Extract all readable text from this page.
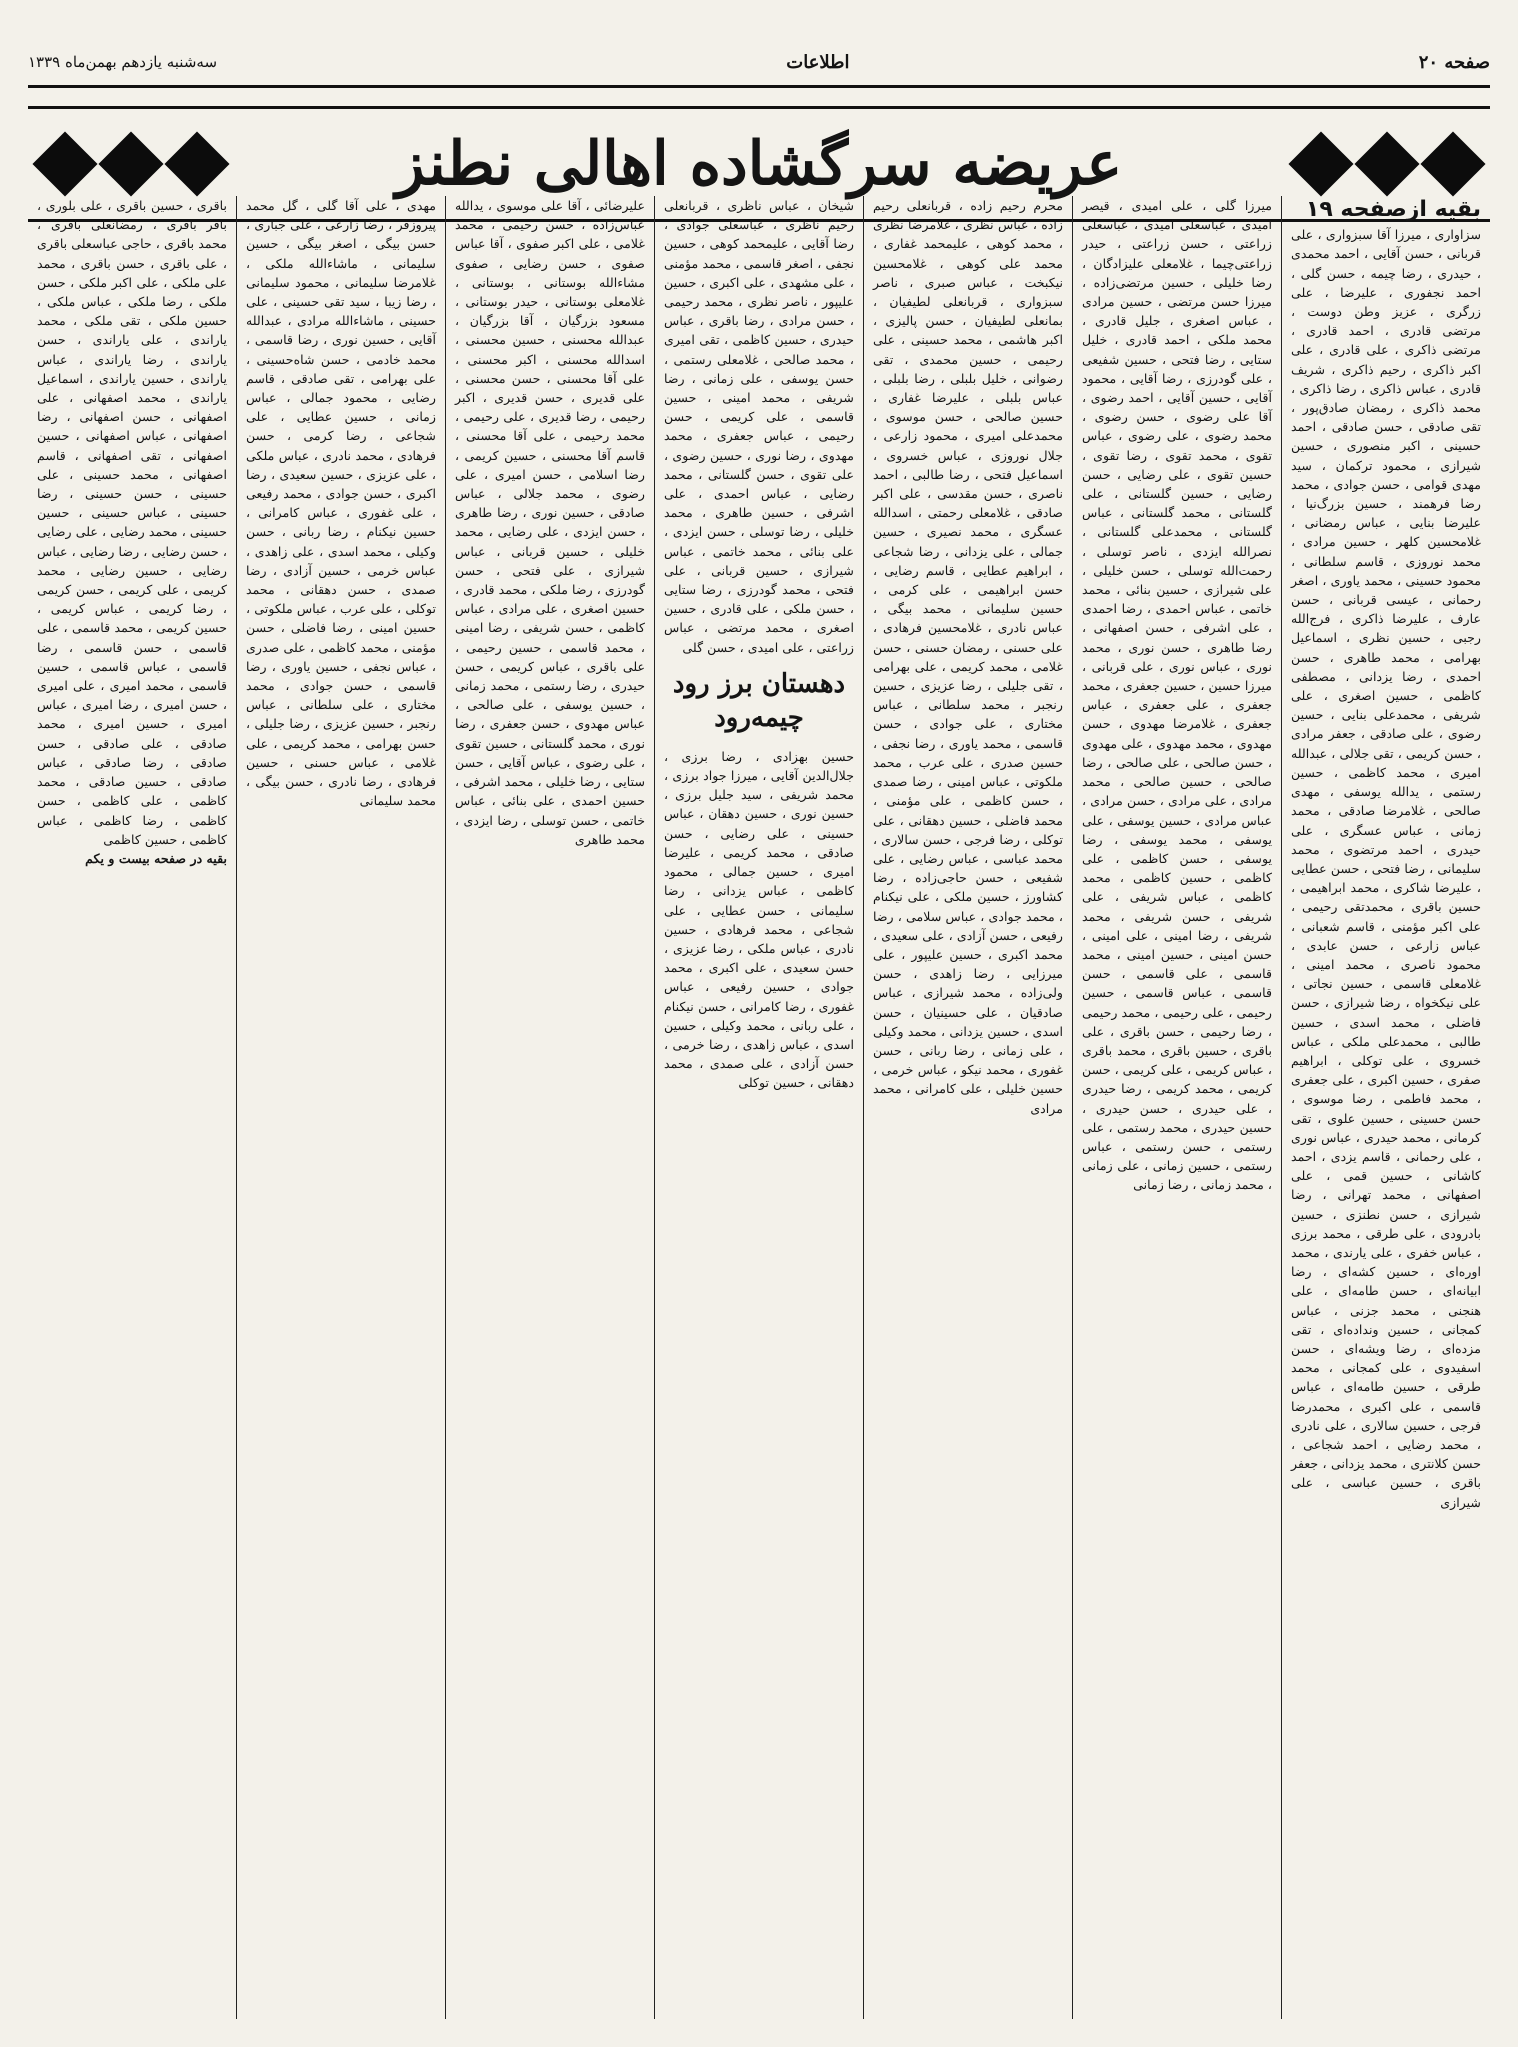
صفحه ۲۰
اطلاعات
سه‌شنبه یازدهم بهمن‌ماه ۱۳۳۹
عریضه سرگشاده اهالی نطنز
بقیه ازصفحه ۱۹
سزاواری ، میرزا آقا سبزواری ، علی قربانی ، حسن آقایی ، احمد محمدی ، حیدری ، رضا چیمه ، حسن گلی ، احمد نجفوری ، علیرضا ، علی زرگری ، عزیز وطن دوست ، مرتضی قادری ، احمد قادری ، مرتضی ذاکری ، علی قادری ، علی اکبر ذاکری ، رحیم ذاکری ، شریف قادری ، عباس ذاکری ، رضا ذاکری ، محمد ذاکری ، رمضان صادق‌پور ، تقی صادقی ، حسن صادقی ، احمد حسینی ، اکبر منصوری ، حسین شیرازی ، محمود ترکمان ، سید مهدی قوامی ، حسن جوادی ، محمد رضا فرهمند ، حسین بزرگ‌نیا ، علیرضا بنایی ، عباس رمضانی ، غلامحسین کلهر ، حسین مرادی ، محمد نوروزی ، قاسم سلطانی ، محمود حسینی ، محمد یاوری ، اصغر رحمانی ، عیسی قربانی ، حسن عارف ، علیرضا ذاکری ، فرج‌الله رجبی ، حسین نظری ، اسماعیل بهرامی ، محمد طاهری ، حسن احمدی ، رضا یزدانی ، مصطفی کاظمی ، حسین اصغری ، علی شریفی ، محمدعلی بنایی ، حسین رضوی ، علی صادقی ، جعفر مرادی ، حسن کریمی ، تقی جلالی ، عبدالله امیری ، محمد کاظمی ، حسین رستمی ، یدالله یوسفی ، مهدی صالحی ، غلامرضا صادقی ، محمد زمانی ، عباس عسگری ، علی حیدری ، احمد مرتضوی ، محمد سلیمانی ، رضا فتحی ، حسن عطایی ، علیرضا شاکری ، محمد ابراهیمی ، حسین باقری ، محمدتقی رحیمی ، علی اکبر مؤمنی ، قاسم شعبانی ، عباس زارعی ، حسن عابدی ، محمود ناصری ، محمد امینی ، غلامعلی قاسمی ، حسین نجاتی ، علی نیکخواه ، رضا شیرازی ، حسن فاضلی ، محمد اسدی ، حسین طالبی ، محمدعلی ملکی ، عباس خسروی ، علی توکلی ، ابراهیم صفری ، حسین اکبری ، علی جعفری ، محمد فاطمی ، رضا موسوی ، حسن حسینی ، حسین علوی ، تقی کرمانی ، محمد حیدری ، عباس نوری ، علی رحمانی ، قاسم یزدی ، احمد کاشانی ، حسین قمی ، علی اصفهانی ، محمد تهرانی ، رضا شیرازی ، حسن نطنزی ، حسین بادرودی ، علی طرقی ، محمد برزی ، عباس خفری ، علی یارندی ، محمد اوره‌ای ، حسین کشه‌ای ، رضا ابیانه‌ای ، حسن طامه‌ای ، علی هنجنی ، محمد جزنی ، عباس کمجانی ، حسین ونداده‌ای ، تقی مزده‌ای ، رضا ویشه‌ای ، حسن اسفیدوی ، علی کمجانی ، محمد طرقی ، حسین طامه‌ای ، عباس قاسمی ، علی اکبری ، محمدرضا فرجی ، حسین سالاری ، علی نادری ، محمد رضایی ، احمد شجاعی ، حسن کلانتری ، محمد یزدانی ، جعفر باقری ، حسین عباسی ، علی شیرازی
میرزا گلی ، علی امیدی ، قیصر امیدی ، عباسعلی امیدی ، عباسعلی زراعتی ، حسن زراعتی ، حیدر زراعتی‌چیما ، غلامعلی علیزادگان ، رضا خلیلی ، حسین مرتضی‌زاده ، میرزا حسن مرتضی ، حسین مرادی ، عباس اصغری ، جلیل قادری ، محمد ملکی ، احمد قادری ، خلیل ستایی ، رضا فتحی ، حسین شفیعی ، علی گودرزی ، رضا آقایی ، محمود آقایی ، حسین آقایی ، احمد رضوی ، آقا علی رضوی ، حسن رضوی ، محمد رضوی ، علی رضوی ، عباس تقوی ، محمد تقوی ، رضا تقوی ، حسین تقوی ، علی رضایی ، حسن رضایی ، حسین گلستانی ، علی گلستانی ، محمد گلستانی ، عباس گلستانی ، محمدعلی گلستانی ، نصرالله ایزدی ، ناصر توسلی ، رحمت‌الله توسلی ، حسن خلیلی ، علی شیرازی ، حسین بنائی ، محمد خاتمی ، عباس احمدی ، رضا احمدی ، علی اشرفی ، حسن اصفهانی ، رضا طاهری ، حسن نوری ، محمد نوری ، عباس نوری ، علی قربانی ، میرزا حسین ، حسین جعفری ، محمد جعفری ، علی جعفری ، عباس جعفری ، غلامرضا مهدوی ، حسن مهدوی ، محمد مهدوی ، علی مهدوی ، حسن صالحی ، علی صالحی ، رضا صالحی ، حسین صالحی ، محمد مرادی ، علی مرادی ، حسن مرادی ، عباس مرادی ، حسین یوسفی ، علی یوسفی ، محمد یوسفی ، رضا یوسفی ، حسن کاظمی ، علی کاظمی ، حسین کاظمی ، محمد کاظمی ، عباس شریفی ، علی شریفی ، حسن شریفی ، محمد شریفی ، رضا امینی ، علی امینی ، حسن امینی ، حسین امینی ، محمد قاسمی ، علی قاسمی ، حسن قاسمی ، عباس قاسمی ، حسین رحیمی ، علی رحیمی ، محمد رحیمی ، رضا رحیمی ، حسن باقری ، علی باقری ، حسین باقری ، محمد باقری ، عباس کریمی ، علی کریمی ، حسن کریمی ، محمد کریمی ، رضا حیدری ، علی حیدری ، حسن حیدری ، حسین حیدری ، محمد رستمی ، علی رستمی ، حسن رستمی ، عباس رستمی ، حسین زمانی ، علی زمانی ، محمد زمانی ، رضا زمانی
محرم رحیم زاده ، قربانعلی رحیم زاده ، عباس نظری ، غلامرضا نظری ، محمد کوهی ، علیمحمد غفاری ، محمد علی کوهی ، غلامحسین نیکبخت ، عباس صبری ، ناصر سبزواری ، قربانعلی لطیفیان ، بمانعلی لطیفیان ، حسن پالیزی ، اکبر هاشمی ، محمد حسینی ، علی رحیمی ، حسین محمدی ، تقی رضوانی ، خلیل بلبلی ، رضا بلبلی ، عباس بلبلی ، علیرضا غفاری ، حسین صالحی ، حسن موسوی ، محمدعلی امیری ، محمود زارعی ، جلال نوروزی ، عباس خسروی ، اسماعیل فتحی ، رضا طالبی ، احمد ناصری ، حسن مقدسی ، علی اکبر صادقی ، غلامعلی رحمتی ، اسدالله عسگری ، محمد نصیری ، حسین جمالی ، علی یزدانی ، رضا شجاعی ، ابراهیم عطایی ، قاسم رضایی ، حسن ابراهیمی ، علی کرمی ، حسین سلیمانی ، محمد بیگی ، عباس نادری ، غلامحسین فرهادی ، علی حسنی ، رمضان حسنی ، حسن غلامی ، محمد کریمی ، علی بهرامی ، تقی جلیلی ، رضا عزیزی ، حسین رنجبر ، محمد سلطانی ، عباس مختاری ، علی جوادی ، حسن قاسمی ، محمد یاوری ، رضا نجفی ، حسین صدری ، علی عرب ، محمد ملکوتی ، عباس امینی ، رضا صمدی ، حسن کاظمی ، علی مؤمنی ، محمد فاضلی ، حسین دهقانی ، علی توکلی ، رضا فرجی ، حسن سالاری ، محمد عباسی ، عباس رضایی ، علی شفیعی ، حسن حاجی‌زاده ، رضا کشاورز ، حسین ملکی ، علی نیکنام ، محمد جوادی ، عباس سلامی ، رضا رفیعی ، حسن آزادی ، علی سعیدی ، محمد اکبری ، حسین علیپور ، علی میرزایی ، رضا زاهدی ، حسن ولی‌زاده ، محمد شیرازی ، عباس صادقیان ، علی حسینیان ، حسن اسدی ، حسین یزدانی ، محمد وکیلی ، علی زمانی ، رضا ربانی ، حسن غفوری ، محمد نیکو ، عباس خرمی ، حسین خلیلی ، علی کامرانی ، محمد مرادی
شیخان ، عباس ناظری ، قربانعلی رحیم ناظری ، عباسعلی جوادی ، رضا آقایی ، علیمحمد کوهی ، حسین نجفی ، اصغر قاسمی ، محمد مؤمنی ، علی مشهدی ، علی اکبری ، حسین علیپور ، ناصر نظری ، محمد رحیمی ، حسن مرادی ، رضا باقری ، عباس حیدری ، حسین کاظمی ، تقی امیری ، محمد صالحی ، غلامعلی رستمی ، حسن یوسفی ، علی زمانی ، رضا شریفی ، محمد امینی ، حسین قاسمی ، علی کریمی ، حسن رحیمی ، عباس جعفری ، محمد مهدوی ، رضا نوری ، حسین رضوی ، علی تقوی ، حسن گلستانی ، محمد رضایی ، عباس احمدی ، علی اشرفی ، حسین طاهری ، محمد خلیلی ، رضا توسلی ، حسن ایزدی ، علی بنائی ، محمد خاتمی ، عباس شیرازی ، حسین قربانی ، علی فتحی ، محمد گودرزی ، رضا ستایی ، حسن ملکی ، علی قادری ، حسین اصغری ، محمد مرتضی ، عباس زراعتی ، علی امیدی ، حسن گلی
دهستان برز رود چیمه‌رود
حسین بهزادی ، رضا برزی ، جلال‌الدین آقایی ، میرزا جواد برزی ، محمد شریفی ، سید جلیل برزی ، حسین نوری ، حسین دهقان ، عباس حسینی ، علی رضایی ، حسن صادقی ، محمد کریمی ، علیرضا امیری ، حسین جمالی ، محمود کاظمی ، عباس یزدانی ، رضا سلیمانی ، حسن عطایی ، علی شجاعی ، محمد فرهادی ، حسین نادری ، عباس ملکی ، رضا عزیزی ، حسن سعیدی ، علی اکبری ، محمد جوادی ، حسین رفیعی ، عباس غفوری ، رضا کامرانی ، حسن نیکنام ، علی ربانی ، محمد وکیلی ، حسین اسدی ، عباس زاهدی ، رضا خرمی ، حسن آزادی ، علی صمدی ، محمد دهقانی ، حسین توکلی
علیرضائی ، آقا علی موسوی ، یدالله عباس‌زاده ، حسن رحیمی ، محمد غلامی ، علی اکبر صفوی ، آقا عباس صفوی ، حسن رضایی ، صفوی مشاءالله بوستانی ، بوستانی ، غلامعلی بوستانی ، حیدر بوستانی ، مسعود بزرگیان ، آقا بزرگیان ، عبدالله محسنی ، حسین محسنی ، اسدالله محسنی ، اکبر محسنی ، علی آقا محسنی ، حسن محسنی ، علی قدیری ، حسن قدیری ، اکبر رحیمی ، رضا قدیری ، علی رحیمی ، محمد رحیمی ، علی آقا محسنی ، قاسم آقا محسنی ، حسین کریمی ، رضا اسلامی ، حسن امیری ، علی رضوی ، محمد جلالی ، عباس صادقی ، حسین نوری ، رضا طاهری ، حسن ایزدی ، علی رضایی ، محمد خلیلی ، حسین قربانی ، عباس شیرازی ، علی فتحی ، حسن گودرزی ، رضا ملکی ، محمد قادری ، حسین اصغری ، علی مرادی ، عباس کاظمی ، حسن شریفی ، رضا امینی ، محمد قاسمی ، حسین رحیمی ، علی باقری ، عباس کریمی ، حسن حیدری ، رضا رستمی ، محمد زمانی ، حسین یوسفی ، علی صالحی ، عباس مهدوی ، حسن جعفری ، رضا نوری ، محمد گلستانی ، حسین تقوی ، علی رضوی ، عباس آقایی ، حسن ستایی ، رضا خلیلی ، محمد اشرفی ، حسین احمدی ، علی بنائی ، عباس خاتمی ، حسن توسلی ، رضا ایزدی ، محمد طاهری
مهدی ، علی آقا گلی ، گل محمد پیروزفر ، رضا زارعی ، علی جباری ، حسن بیگی ، اصغر بیگی ، حسین سلیمانی ، ماشاءالله ملکی ، غلامرضا سلیمانی ، محمود سلیمانی ، رضا زیبا ، سید تقی حسینی ، علی حسینی ، ماشاءالله مرادی ، عبدالله آقایی ، حسین نوری ، رضا قاسمی ، محمد خادمی ، حسن شاه‌حسینی ، علی بهرامی ، تقی صادقی ، قاسم رضایی ، محمود جمالی ، عباس زمانی ، حسین عطایی ، علی شجاعی ، رضا کرمی ، حسن فرهادی ، محمد نادری ، عباس ملکی ، علی عزیزی ، حسین سعیدی ، رضا اکبری ، حسن جوادی ، محمد رفیعی ، علی غفوری ، عباس کامرانی ، حسین نیکنام ، رضا ربانی ، حسن وکیلی ، محمد اسدی ، علی زاهدی ، عباس خرمی ، حسین آزادی ، رضا صمدی ، حسن دهقانی ، محمد توکلی ، علی عرب ، عباس ملکوتی ، حسین امینی ، رضا فاضلی ، حسن مؤمنی ، محمد کاظمی ، علی صدری ، عباس نجفی ، حسین یاوری ، رضا قاسمی ، حسن جوادی ، محمد مختاری ، علی سلطانی ، عباس رنجبر ، حسین عزیزی ، رضا جلیلی ، حسن بهرامی ، محمد کریمی ، علی غلامی ، عباس حسنی ، حسین فرهادی ، رضا نادری ، حسن بیگی ، محمد سلیمانی
باقری ، حسین باقری ، علی بلوری ، باقر باقری ، رمضانعلی باقری ، محمد باقری ، حاجی عباسعلی باقری ، علی باقری ، حسن باقری ، محمد علی ملکی ، علی اکبر ملکی ، حسن ملکی ، رضا ملکی ، عباس ملکی ، حسین ملکی ، تقی ملکی ، محمد یاراندی ، علی یاراندی ، حسن یاراندی ، رضا یاراندی ، عباس یاراندی ، حسین یاراندی ، اسماعیل یاراندی ، محمد اصفهانی ، علی اصفهانی ، حسن اصفهانی ، رضا اصفهانی ، عباس اصفهانی ، حسین اصفهانی ، تقی اصفهانی ، قاسم اصفهانی ، محمد حسینی ، علی حسینی ، حسن حسینی ، رضا حسینی ، عباس حسینی ، حسین حسینی ، محمد رضایی ، علی رضایی ، حسن رضایی ، رضا رضایی ، عباس رضایی ، حسین رضایی ، محمد کریمی ، علی کریمی ، حسن کریمی ، رضا کریمی ، عباس کریمی ، حسین کریمی ، محمد قاسمی ، علی قاسمی ، حسن قاسمی ، رضا قاسمی ، عباس قاسمی ، حسین قاسمی ، محمد امیری ، علی امیری ، حسن امیری ، رضا امیری ، عباس امیری ، حسین امیری ، محمد صادقی ، علی صادقی ، حسن صادقی ، رضا صادقی ، عباس صادقی ، حسین صادقی ، محمد کاظمی ، علی کاظمی ، حسن کاظمی ، رضا کاظمی ، عباس کاظمی ، حسین کاظمی
بقیه در صفحه بیست و یکم
